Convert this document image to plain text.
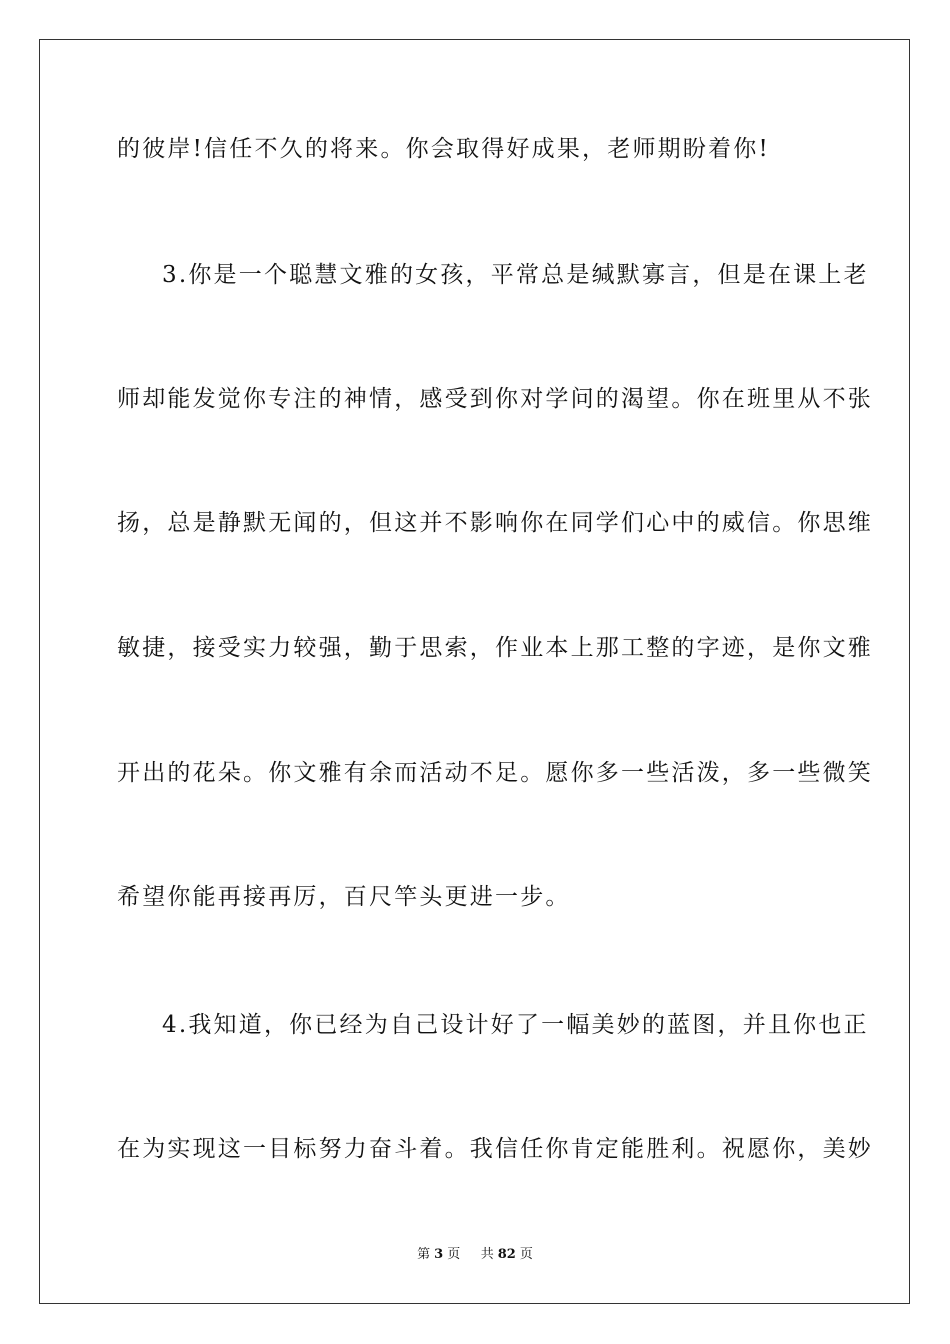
的彼岸!信任不久的将来。你会取得好成果，老师期盼着你!
3.你是一个聪慧文雅的女孩，平常总是缄默寡言，但是在课上老
师却能发觉你专注的神情，感受到你对学问的渴望。你在班里从不张
扬，总是静默无闻的，但这并不影响你在同学们心中的威信。你思维
敏捷，接受实力较强，勤于思索，作业本上那工整的字迹，是你文雅
开出的花朵。你文雅有余而活动不足。愿你多一些活泼，多一些微笑
希望你能再接再厉，百尺竿头更进一步。
4.我知道，你已经为自己设计好了一幅美妙的蓝图，并且你也正
在为实现这一目标努力奋斗着。我信任你肯定能胜利。祝愿你，美妙
第 3 页 共 82 页
